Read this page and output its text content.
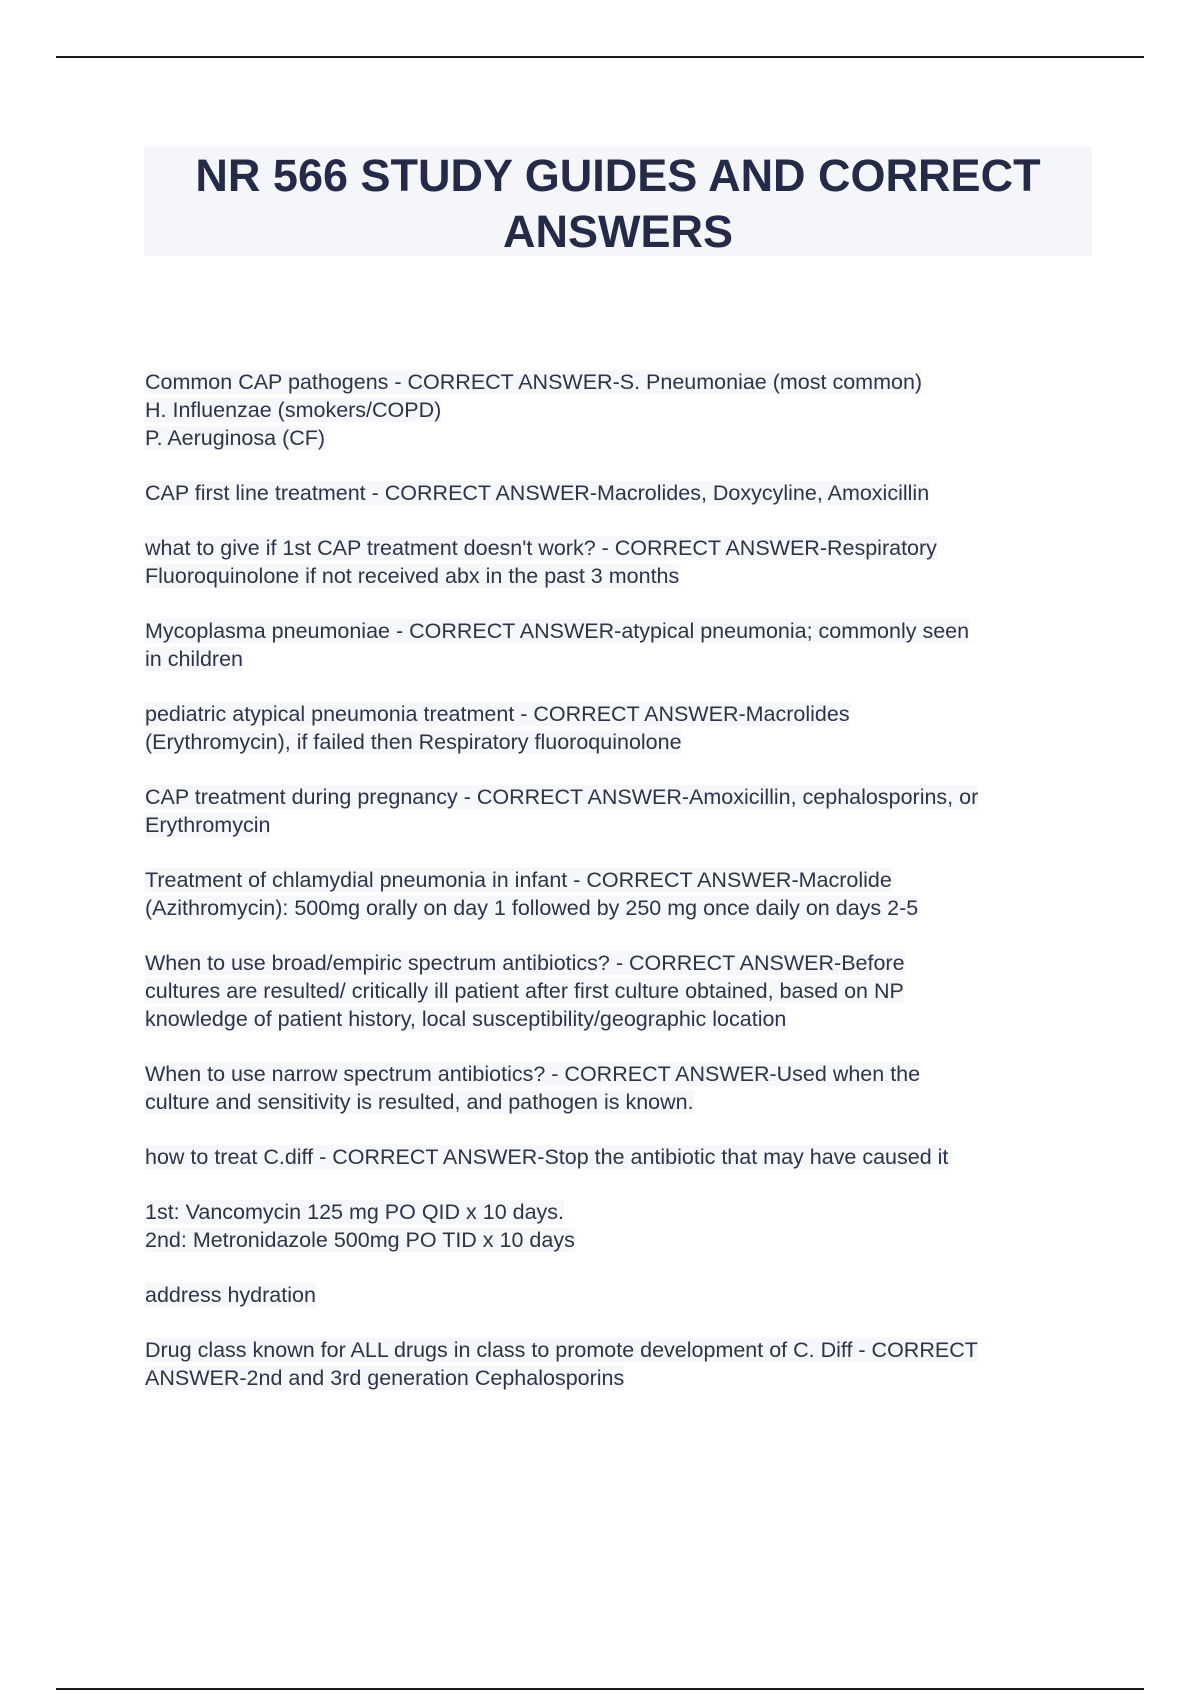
NR 566 STUDY GUIDES AND CORRECT
ANSWERS
Common CAP pathogens - CORRECT ANSWER-S. Pneumoniae (most common)
H. Influenzae (smokers/COPD)
P. Aeruginosa (CF)
CAP first line treatment - CORRECT ANSWER-Macrolides, Doxycyline, Amoxicillin
what to give if 1st CAP treatment doesn't work? - CORRECT ANSWER-Respiratory
Fluoroquinolone if not received abx in the past 3 months
Mycoplasma pneumoniae - CORRECT ANSWER-atypical pneumonia; commonly seen
in children
pediatric atypical pneumonia treatment - CORRECT ANSWER-Macrolides
(Erythromycin), if failed then Respiratory fluoroquinolone
CAP treatment during pregnancy - CORRECT ANSWER-Amoxicillin, cephalosporins, or
Erythromycin
Treatment of chlamydial pneumonia in infant - CORRECT ANSWER-Macrolide
(Azithromycin): 500mg orally on day 1 followed by 250 mg once daily on days 2-5
When to use broad/empiric spectrum antibiotics? - CORRECT ANSWER-Before
cultures are resulted/ critically ill patient after first culture obtained, based on NP
knowledge of patient history, local susceptibility/geographic location
When to use narrow spectrum antibiotics? - CORRECT ANSWER-Used when the
culture and sensitivity is resulted, and pathogen is known.
how to treat C.diff - CORRECT ANSWER-Stop the antibiotic that may have caused it
1st: Vancomycin 125 mg PO QID x 10 days.
2nd: Metronidazole 500mg PO TID x 10 days
address hydration
Drug class known for ALL drugs in class to promote development of C. Diff - CORRECT
ANSWER-2nd and 3rd generation Cephalosporins
